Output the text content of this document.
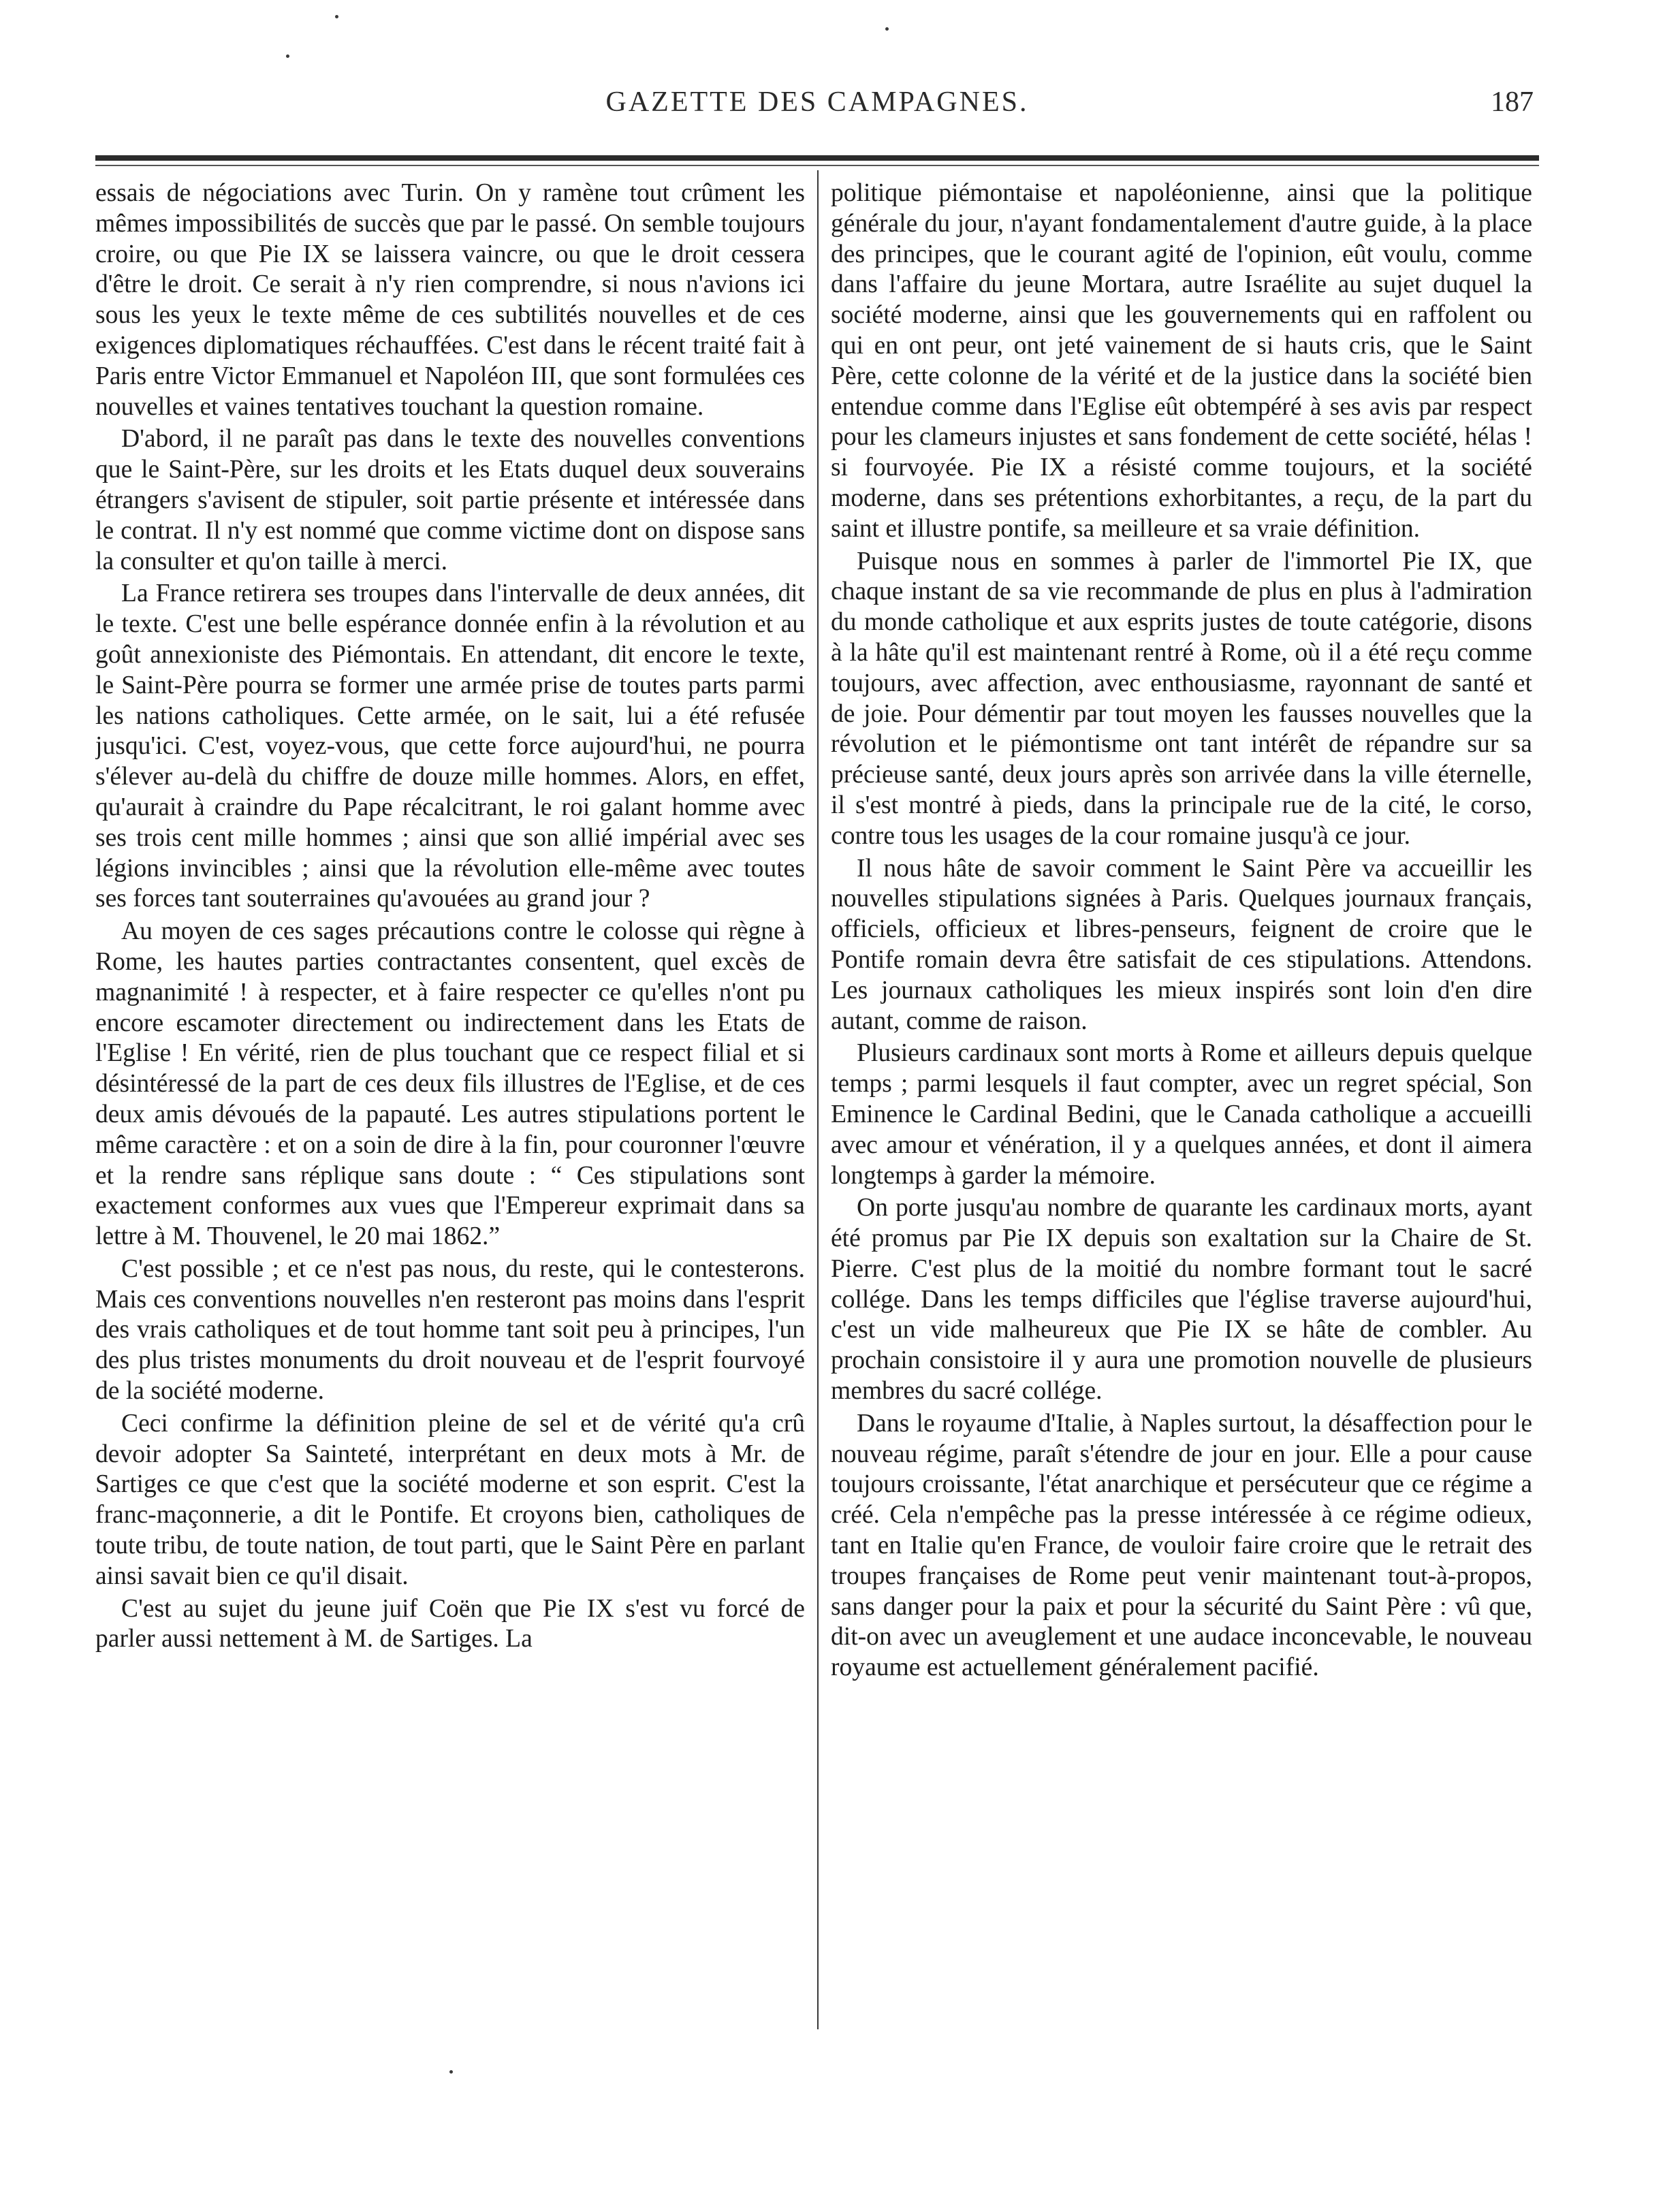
GAZETTE DES CAMPAGNES.	187

essais de négociations avec Turin. On y ramène tout crûment les mêmes impossibilités de succès que par le passé. On semble toujours croire, ou que Pie IX se laissera vaincre, ou que le droit cessera d'être le droit. Ce serait à n'y rien comprendre, si nous n'avions ici sous les yeux le texte même de ces subtilités nouvelles et de ces exigences diplomatiques réchauffées. C'est dans le récent traité fait à Paris entre Victor Emmanuel et Napoléon III, que sont formulées ces nouvelles et vaines tentatives touchant la question romaine.

D'abord, il ne paraît pas dans le texte des nouvelles conventions que le Saint-Père, sur les droits et les Etats duquel deux souverains étrangers s'avisent de stipuler, soit partie présente et intéressée dans le contrat. Il n'y est nommé que comme victime dont on dispose sans la consulter et qu'on taille à merci.

La France retirera ses troupes dans l'intervalle de deux années, dit le texte. C'est une belle espérance donnée enfin à la révolution et au goût annexioniste des Piémontais. En attendant, dit encore le texte, le Saint-Père pourra se former une armée prise de toutes parts parmi les nations catholiques. Cette armée, on le sait, lui a été refusée jusqu'ici. C'est, voyez-vous, que cette force aujourd'hui, ne pourra s'élever au-delà du chiffre de douze mille hommes. Alors, en effet, qu'aurait à craindre du Pape récalcitrant, le roi galant homme avec ses trois cent mille hommes ; ainsi que son allié impérial avec ses légions invincibles ; ainsi que la révolution elle-même avec toutes ses forces tant souterraines qu'avouées au grand jour ?

Au moyen de ces sages précautions contre le colosse qui règne à Rome, les hautes parties contractantes consentent, quel excès de magnanimité ! à respecter, et à faire respecter ce qu'elles n'ont pu encore escamoter directement ou indirectement dans les Etats de l'Eglise ! En vérité, rien de plus touchant que ce respect filial et si désintéressé de la part de ces deux fils illustres de l'Eglise, et de ces deux amis dévoués de la papauté. Les autres stipulations portent le même caractère : et on a soin de dire à la fin, pour couronner l'œuvre et la rendre sans réplique sans doute : “ Ces stipulations sont exactement conformes aux vues que l'Empereur exprimait dans sa lettre à M. Thouvenel, le 20 mai 1862.”

C'est possible ; et ce n'est pas nous, du reste, qui le contesterons. Mais ces conventions nouvelles n'en resteront pas moins dans l'esprit des vrais catholiques et de tout homme tant soit peu à principes, l'un des plus tristes monuments du droit nouveau et de l'esprit fourvoyé de la société moderne.

Ceci confirme la définition pleine de sel et de vérité qu'a crû devoir adopter Sa Sainteté, interprétant en deux mots à Mr. de Sartiges ce que c'est que la société moderne et son esprit. C'est la franc-maçonnerie, a dit le Pontife. Et croyons bien, catholiques de toute tribu, de toute nation, de tout parti, que le Saint Père en parlant ainsi savait bien ce qu'il disait.

C'est au sujet du jeune juif Coën que Pie IX s'est vu forcé de parler aussi nettement à M. de Sartiges. La

politique piémontaise et napoléonienne, ainsi que la politique générale du jour, n'ayant fondamentalement d'autre guide, à la place des principes, que le courant agité de l'opinion, eût voulu, comme dans l'affaire du jeune Mortara, autre Israélite au sujet duquel la société moderne, ainsi que les gouvernements qui en raffolent ou qui en ont peur, ont jeté vainement de si hauts cris, que le Saint Père, cette colonne de la vérité et de la justice dans la société bien entendue comme dans l'Eglise eût obtempéré à ses avis par respect pour les clameurs injustes et sans fondement de cette société, hélas ! si fourvoyée. Pie IX a résisté comme toujours, et la société moderne, dans ses prétentions exhorbitantes, a reçu, de la part du saint et illustre pontife, sa meilleure et sa vraie définition.

Puisque nous en sommes à parler de l'immortel Pie IX, que chaque instant de sa vie recommande de plus en plus à l'admiration du monde catholique et aux esprits justes de toute catégorie, disons à la hâte qu'il est maintenant rentré à Rome, où il a été reçu comme toujours, avec affection, avec enthousiasme, rayonnant de santé et de joie. Pour démentir par tout moyen les fausses nouvelles que la révolution et le piémontisme ont tant intérêt de répandre sur sa précieuse santé, deux jours après son arrivée dans la ville éternelle, il s'est montré à pieds, dans la principale rue de la cité, le corso, contre tous les usages de la cour romaine jusqu'à ce jour.

Il nous hâte de savoir comment le Saint Père va accueillir les nouvelles stipulations signées à Paris. Quelques journaux français, officiels, officieux et libres-penseurs, feignent de croire que le Pontife romain devra être satisfait de ces stipulations. Attendons. Les journaux catholiques les mieux inspirés sont loin d'en dire autant, comme de raison.

Plusieurs cardinaux sont morts à Rome et ailleurs depuis quelque temps ; parmi lesquels il faut compter, avec un regret spécial, Son Eminence le Cardinal Bedini, que le Canada catholique a accueilli avec amour et vénération, il y a quelques années, et dont il aimera longtemps à garder la mémoire.

On porte jusqu'au nombre de quarante les cardinaux morts, ayant été promus par Pie IX depuis son exaltation sur la Chaire de St. Pierre. C'est plus de la moitié du nombre formant tout le sacré collége. Dans les temps difficiles que l'église traverse aujourd'hui, c'est un vide malheureux que Pie IX se hâte de combler. Au prochain consistoire il y aura une promotion nouvelle de plusieurs membres du sacré collége.

Dans le royaume d'Italie, à Naples surtout, la désaffection pour le nouveau régime, paraît s'étendre de jour en jour. Elle a pour cause toujours croissante, l'état anarchique et persécuteur que ce régime a créé. Cela n'empêche pas la presse intéressée à ce régime odieux, tant en Italie qu'en France, de vouloir faire croire que le retrait des troupes françaises de Rome peut venir maintenant tout-à-propos, sans danger pour la paix et pour la sécurité du Saint Père : vû que, dit-on avec un aveuglement et une audace inconcevable, le nouveau royaume est actuellement généralement pacifié.
